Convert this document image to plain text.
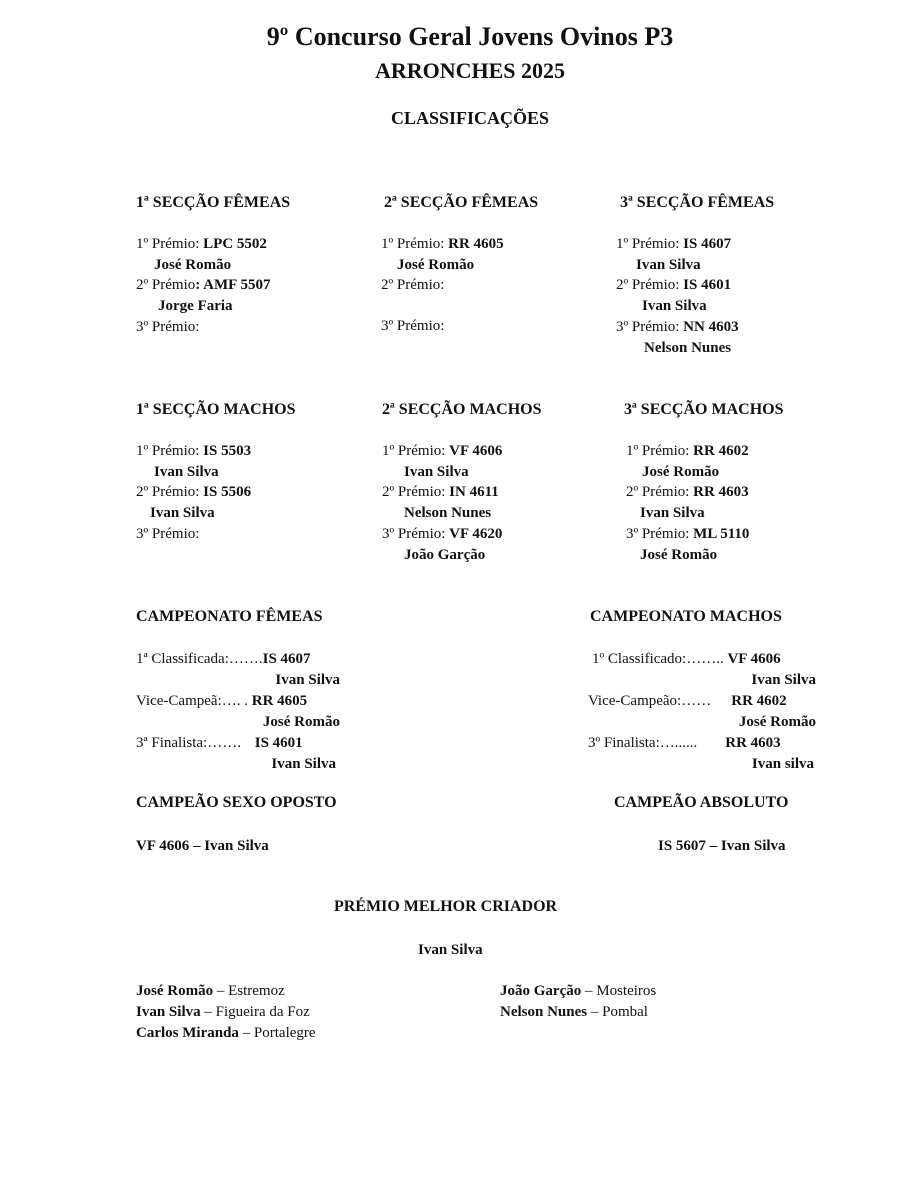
9º Concurso Geral Jovens Ovinos P3
ARRONCHES 2025
CLASSIFICAÇÕES
1ª SECÇÃO FÊMEAS
1º Prémio: LPC 5502
José Romão
2º Prémio: AMF 5507
Jorge Faria
3º Prémio:
2ª SECÇÃO FÊMEAS
1º Prémio: RR 4605
José Romão
2º Prémio:
3º Prémio:
3ª SECÇÃO FÊMEAS
1º Prémio: IS 4607
Ivan Silva
2º Prémio: IS 4601
Ivan Silva
3º Prémio: NN 4603
Nelson Nunes
1ª SECÇÃO MACHOS
1º Prémio: IS 5503
Ivan Silva
2º Prémio: IS 5506
Ivan Silva
3º Prémio:
2ª SECÇÃO MACHOS
1º Prémio: VF 4606
Ivan Silva
2º Prémio: IN 4611
Nelson Nunes
3º Prémio: VF 4620
João Garção
3ª SECÇÃO MACHOS
1º Prémio: RR 4602
José Romão
2º Prémio: RR 4603
Ivan Silva
3º Prémio: ML 5110
José Romão
CAMPEONATO FÊMEAS
1ª Classificada:…….IS 4607
Ivan Silva
Vice-Campeã:…. . RR 4605
José Romão
3ª Finalista:……. IS 4601
Ivan Silva
CAMPEONATO MACHOS
1º Classificado:…….. VF 4606
Ivan Silva
Vice-Campeão:…… RR 4602
José Romão
3º Finalista:…...... RR 4603
Ivan silva
CAMPEÃO SEXO OPOSTO
VF 4606 – Ivan Silva
CAMPEÃO ABSOLUTO
IS 5607 – Ivan Silva
PRÉMIO MELHOR CRIADOR
Ivan Silva
José Romão – Estremoz
Ivan Silva – Figueira da Foz
Carlos Miranda – Portalegre
João Garção – Mosteiros
Nelson Nunes – Pombal
